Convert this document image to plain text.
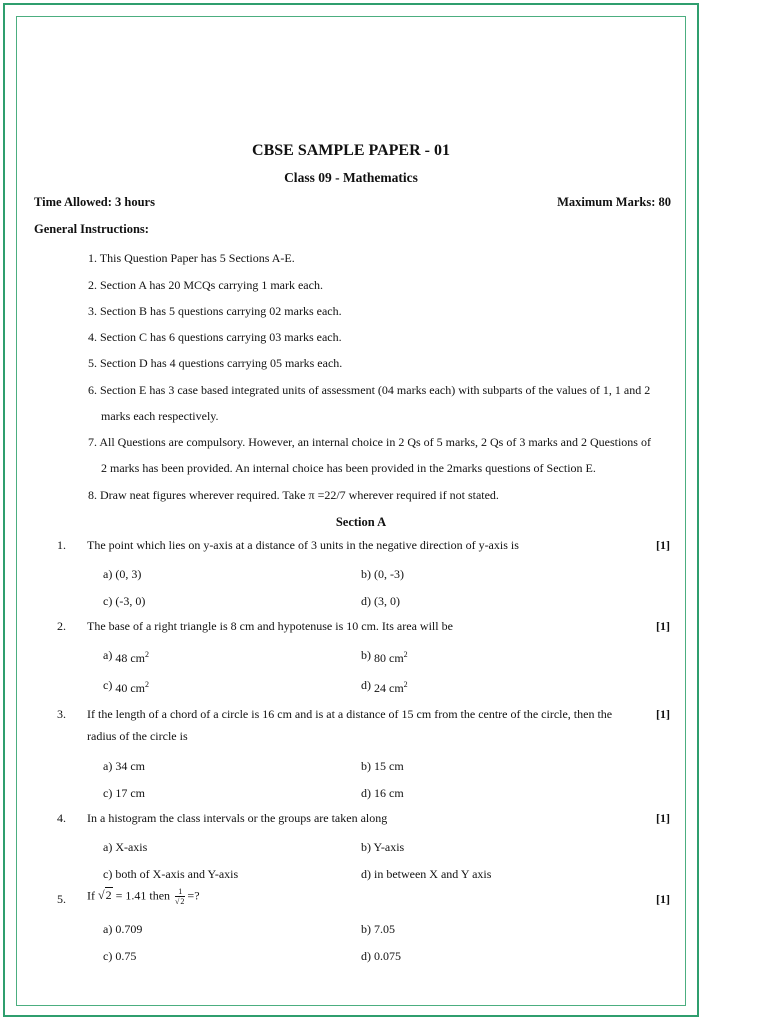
CBSE SAMPLE PAPER - 01
Class 09 - Mathematics
Time Allowed: 3 hours	Maximum Marks: 80
General Instructions:
1. This Question Paper has 5 Sections A-E.
2. Section A has 20 MCQs carrying 1 mark each.
3. Section B has 5 questions carrying 02 marks each.
4. Section C has 6 questions carrying 03 marks each.
5. Section D has 4 questions carrying 05 marks each.
6. Section E has 3 case based integrated units of assessment (04 marks each) with subparts of the values of 1, 1 and 2
marks each respectively.
7. All Questions are compulsory. However, an internal choice in 2 Qs of 5 marks, 2 Qs of 3 marks and 2 Questions of
2 marks has been provided. An internal choice has been provided in the 2marks questions of Section E.
8. Draw neat figures wherever required. Take π =22/7 wherever required if not stated.
Section A
1. The point which lies on y-axis at a distance of 3 units in the negative direction of y-axis is	[1]
a) (0, 3)	b) (0, -3)
c) (-3, 0)	d) (3, 0)
2. The base of a right triangle is 8 cm and hypotenuse is 10 cm. Its area will be	[1]
a) 48 $cm^2$	b) 80 $cm^2$
c) 40 $cm^2$	d) 24 $cm^2$
3. If the length of a chord of a circle is 16 cm and is at a distance of 15 cm from the centre of the circle, then the
radius of the circle is
[1]
a) 34 cm	b) 15 cm
c) 17 cm	d) 16 cm
4. In a histogram the class intervals or the groups are taken along	[1]
a) X-axis	b) Y-axis
c) both of X-axis and Y-axis	d) in between X and Y axis
5. If √2 = 1.41 then $\frac{1}{√2}$ =?	[1]
a) 0.709	b) 7.05
c) 0.75	d) 0.075
